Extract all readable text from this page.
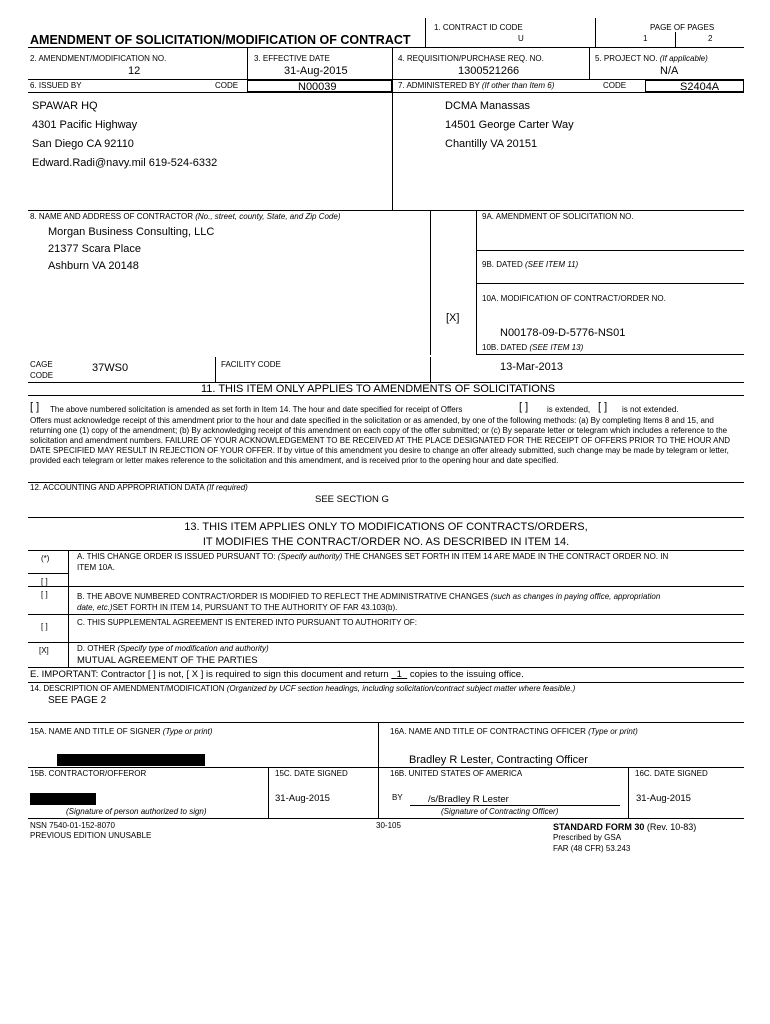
AMENDMENT OF SOLICITATION/MODIFICATION OF CONTRACT
1. CONTRACT ID CODE
U
PAGE OF PAGES
1	2
2. AMENDMENT/MODIFICATION NO.
12
3. EFFECTIVE DATE
31-Aug-2015
4. REQUISITION/PURCHASE REQ. NO.
1300521266
5. PROJECT NO. (If applicable)
N/A
6. ISSUED BY	CODE	N00039	7. ADMINISTERED BY (If other than Item 6)	CODE	S2404A
SPAWAR HQ
4301 Pacific Highway
San Diego CA 92110
Edward.Radi@navy.mil 619-524-6332
DCMA Manassas
14501 George Carter Way
Chantilly VA 20151
8. NAME AND ADDRESS OF CONTRACTOR (No., street, county, State, and Zip Code)
Morgan Business Consulting, LLC
21377 Scara Place
Ashburn VA 20148
9A. AMENDMENT OF SOLICITATION NO.
9B. DATED (SEE ITEM 11)
10A. MODIFICATION OF CONTRACT/ORDER NO.
[X]
N00178-09-D-5776-NS01
10B. DATED (SEE ITEM 13)
13-Mar-2013
CAGE
CODE
37WS0	FACILITY CODE
11. THIS ITEM ONLY APPLIES TO AMENDMENTS OF SOLICITATIONS
[ ] The above numbered solicitation is amended as set forth in Item 14. The hour and date specified for receipt of Offers	[ ] is extended, [ ]
Offers must acknowledge receipt of this amendment prior to the hour and date specified in the solicitation or as amended, by one of the following methods: (a) By completing Items 8 and 15, and returning one (1) copy of the amendment; (b) By acknowledging receipt of this amendment on each copy of the offer submitted; or (c) By separate letter or telegram which includes a reference to the solicitation and amendment numbers. FAILURE OF YOUR ACKNOWLEDGEMENT TO BE RECEIVED AT THE PLACE DESIGNATED FOR THE RECEIPT OF OFFERS PRIOR TO THE HOUR AND DATE SPECIFIED MAY RESULT IN REJECTION OF YOUR OFFER. If by virtue of this amendment you desire to change an offer already submitted, such change may be made by telegram or letter, provided each telegram or letter makes reference to the solicitation and this amendment, and is received prior to the opening hour and date specified.
is not extended.
12. ACCOUNTING AND APPROPRIATION DATA (If required)
SEE SECTION G
13. THIS ITEM APPLIES ONLY TO MODIFICATIONS OF CONTRACTS/ORDERS,
IT MODIFIES THE CONTRACT/ORDER NO. AS DESCRIBED IN ITEM 14.
(*)	A. THIS CHANGE ORDER IS ISSUED PURSUANT TO: (Specify authority) THE CHANGES SET FORTH IN ITEM 14 ARE MADE IN THE CONTRACT ORDER NO. IN
ITEM 10A.
[ ]
[ ]	B. THE ABOVE NUMBERED CONTRACT/ORDER IS MODIFIED TO REFLECT THE ADMINISTRATIVE CHANGES (such as changes in paying office, appropriation
date, etc.)SET FORTH IN ITEM 14, PURSUANT TO THE AUTHORITY OF FAR 43.103(b).
[ ]	C. THIS SUPPLEMENTAL AGREEMENT IS ENTERED INTO PURSUANT TO AUTHORITY OF:
[X]	D. OTHER (Specify type of modification and authority)
MUTUAL AGREEMENT OF THE PARTIES
E. IMPORTANT: Contractor [ ] is not, [ X ] is required to sign this document and return 1 copies to the issuing office.
14. DESCRIPTION OF AMENDMENT/MODIFICATION (Organized by UCF section headings, including solicitation/contract subject matter where feasible.)
SEE PAGE 2
15A. NAME AND TITLE OF SIGNER (Type or print)	16A. NAME AND TITLE OF CONTRACTING OFFICER (Type or print)
Bradley R Lester, Contracting Officer
15B. CONTRACTOR/OFFEROR	15C. DATE SIGNED	16B. UNITED STATES OF AMERICA	16C. DATE SIGNED
(Signature of person authorized to sign)
31-Aug-2015	BY	/s/Bradley R Lester
(Signature of Contracting Officer)
31-Aug-2015
NSN 7540-01-152-8070
PREVIOUS EDITION UNUSABLE
30-105	STANDARD FORM 30 (Rev. 10-83)
Prescribed by GSA
FAR (48 CFR) 53.243
